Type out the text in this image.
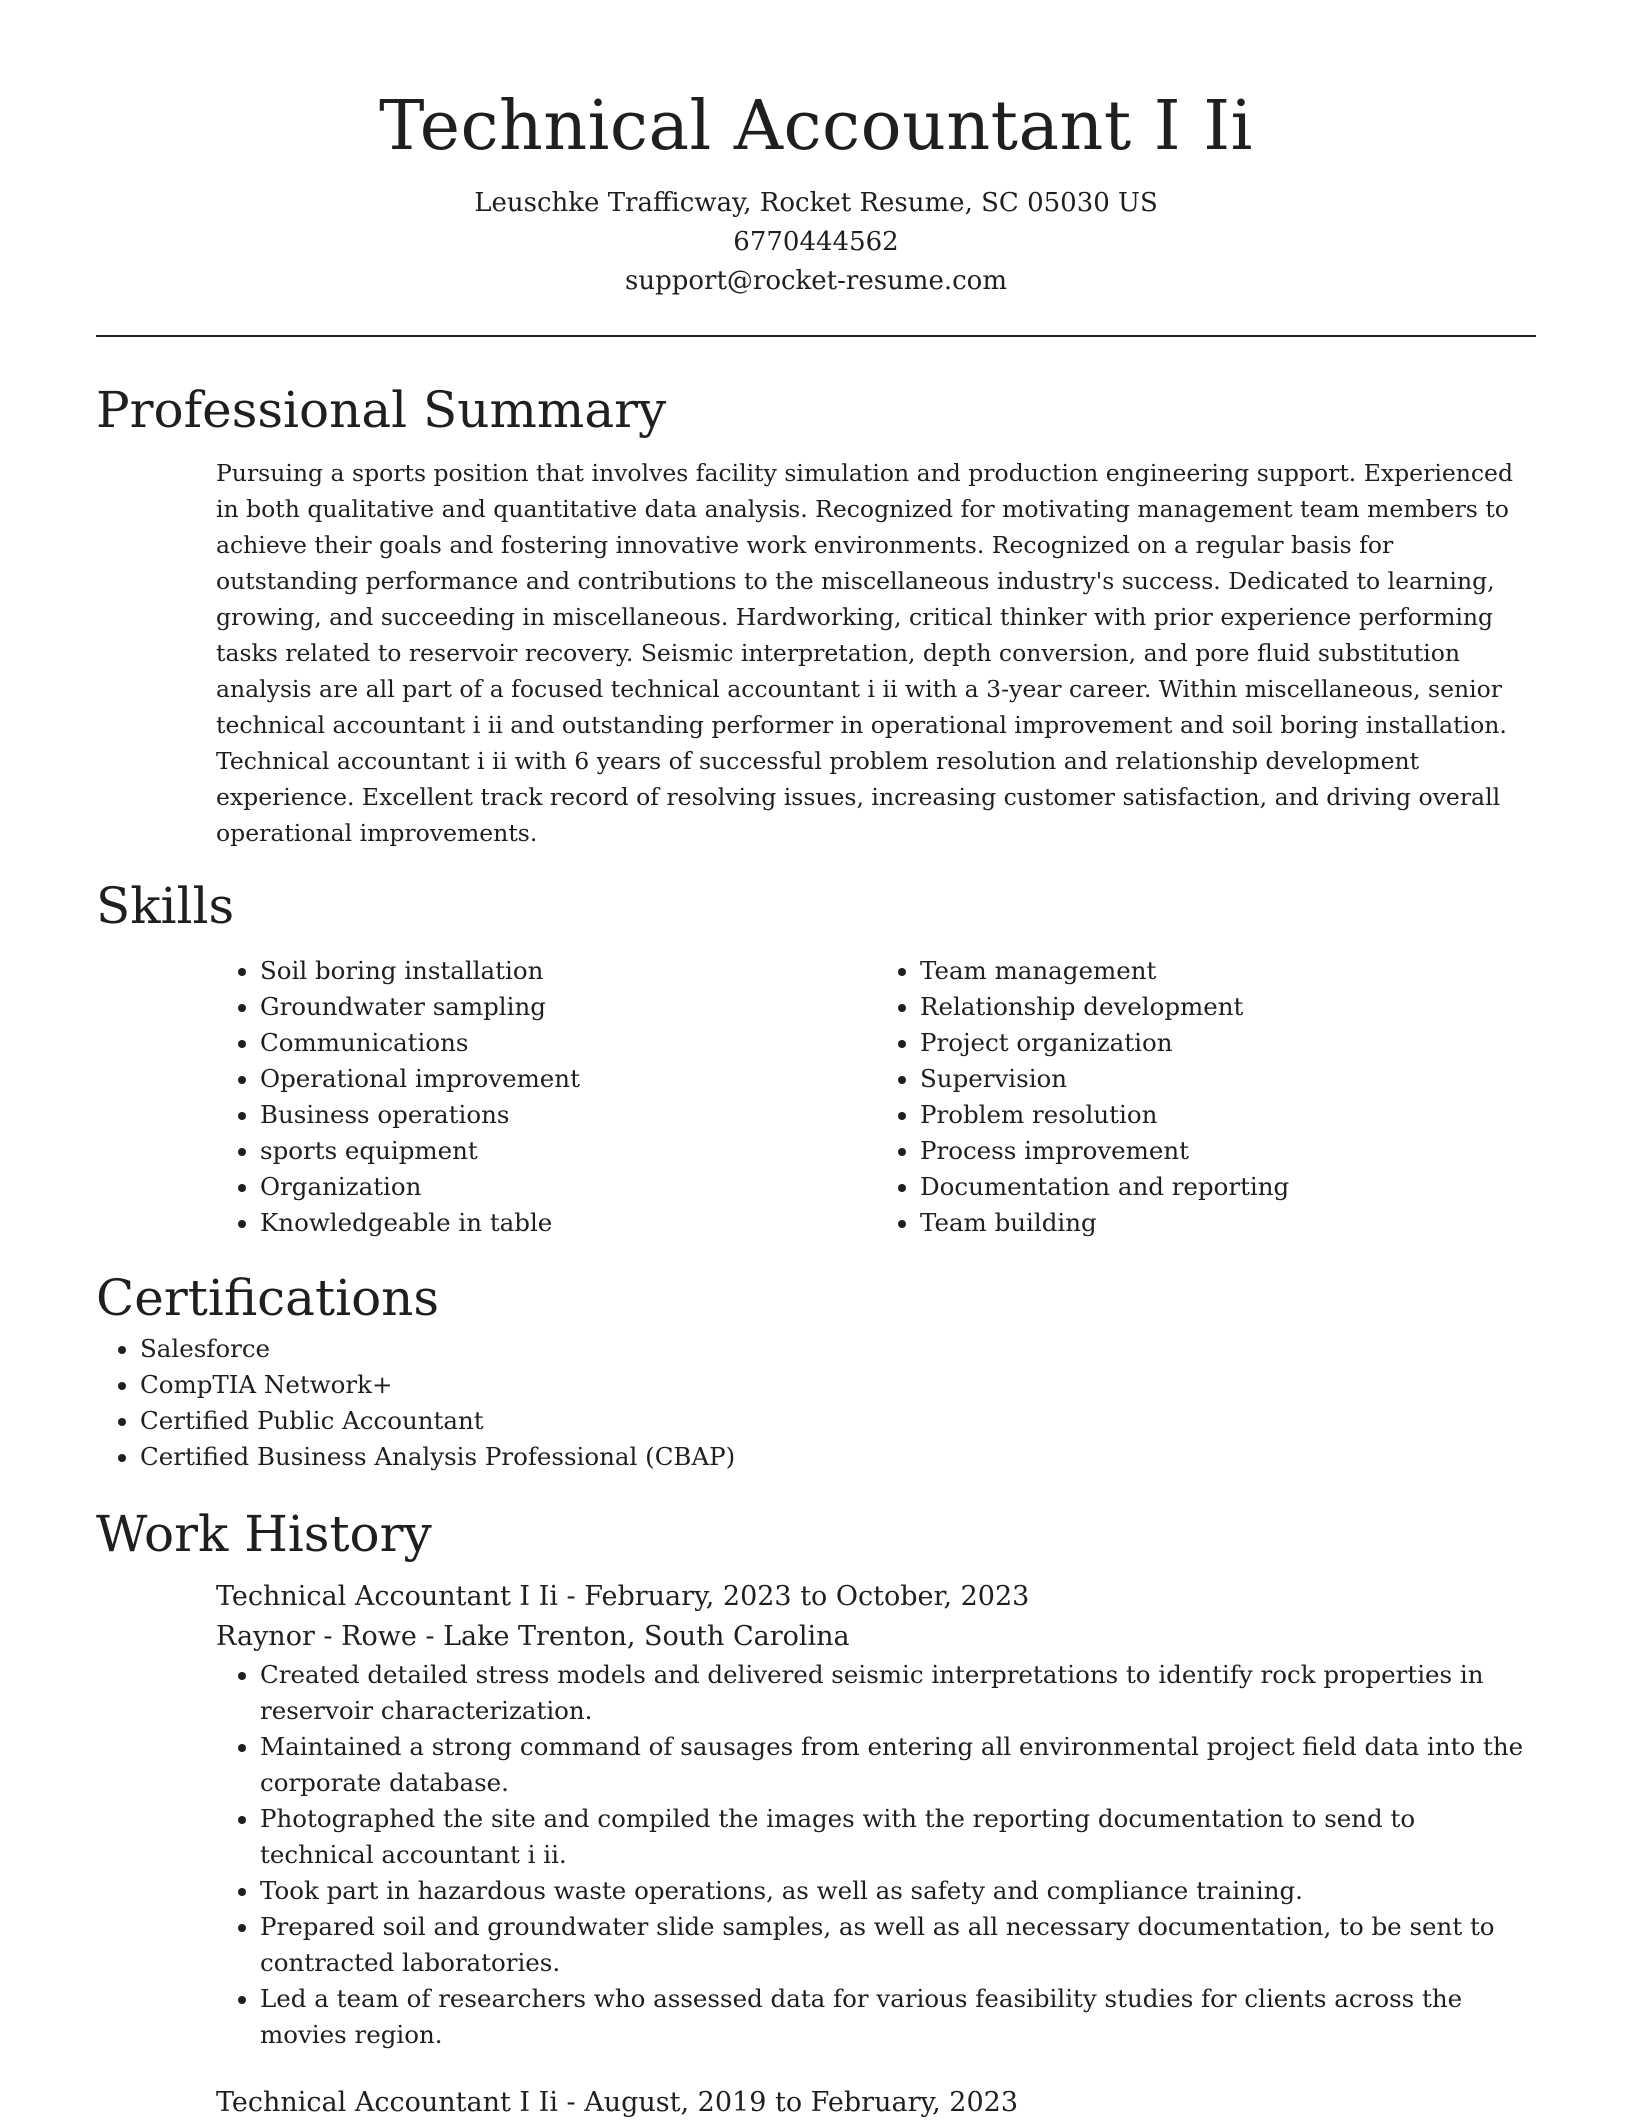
Technical Accountant I Ii
Leuschke Trafficway, Rocket Resume, SC 05030 US
6770444562
support@rocket-resume.com
Professional Summary

Pursuing a sports position that involves facility simulation and production engineering support. Experienced in both qualitative and quantitative data analysis. Recognized for motivating management team members to achieve their goals and fostering innovative work environments. Recognized on a regular basis for outstanding performance and contributions to the miscellaneous industry's success. Dedicated to learning, growing, and succeeding in miscellaneous. Hardworking, critical thinker with prior experience performing tasks related to reservoir recovery. Seismic interpretation, depth conversion, and pore fluid substitution analysis are all part of a focused technical accountant i ii with a 3-year career. Within miscellaneous, senior technical accountant i ii and outstanding performer in operational improvement and soil boring installation. Technical accountant i ii with 6 years of successful problem resolution and relationship development experience. Excellent track record of resolving issues, increasing customer satisfaction, and driving overall operational improvements.

Skills
• Soil boring installation
• Groundwater sampling
• Communications
• Operational improvement
• Business operations
• sports equipment
• Organization
• Knowledgeable in table
• Team management
• Relationship development
• Project organization
• Supervision
• Problem resolution
• Process improvement
• Documentation and reporting
• Team building
Certifications
• Salesforce
• CompTIA Network+
• Certified Public Accountant
• Certified Business Analysis Professional (CBAP)
Work History
Technical Accountant I Ii - February, 2023 to October, 2023
Raynor - Rowe - Lake Trenton, South Carolina
• Created detailed stress models and delivered seismic interpretations to identify rock properties in reservoir characterization.
• Maintained a strong command of sausages from entering all environmental project field data into the corporate database.
• Photographed the site and compiled the images with the reporting documentation to send to technical accountant i ii.
• Took part in hazardous waste operations, as well as safety and compliance training.
• Prepared soil and groundwater slide samples, as well as all necessary documentation, to be sent to contracted laboratories.
• Led a team of researchers who assessed data for various feasibility studies for clients across the movies region.
Technical Accountant I Ii - August, 2019 to February, 2023
